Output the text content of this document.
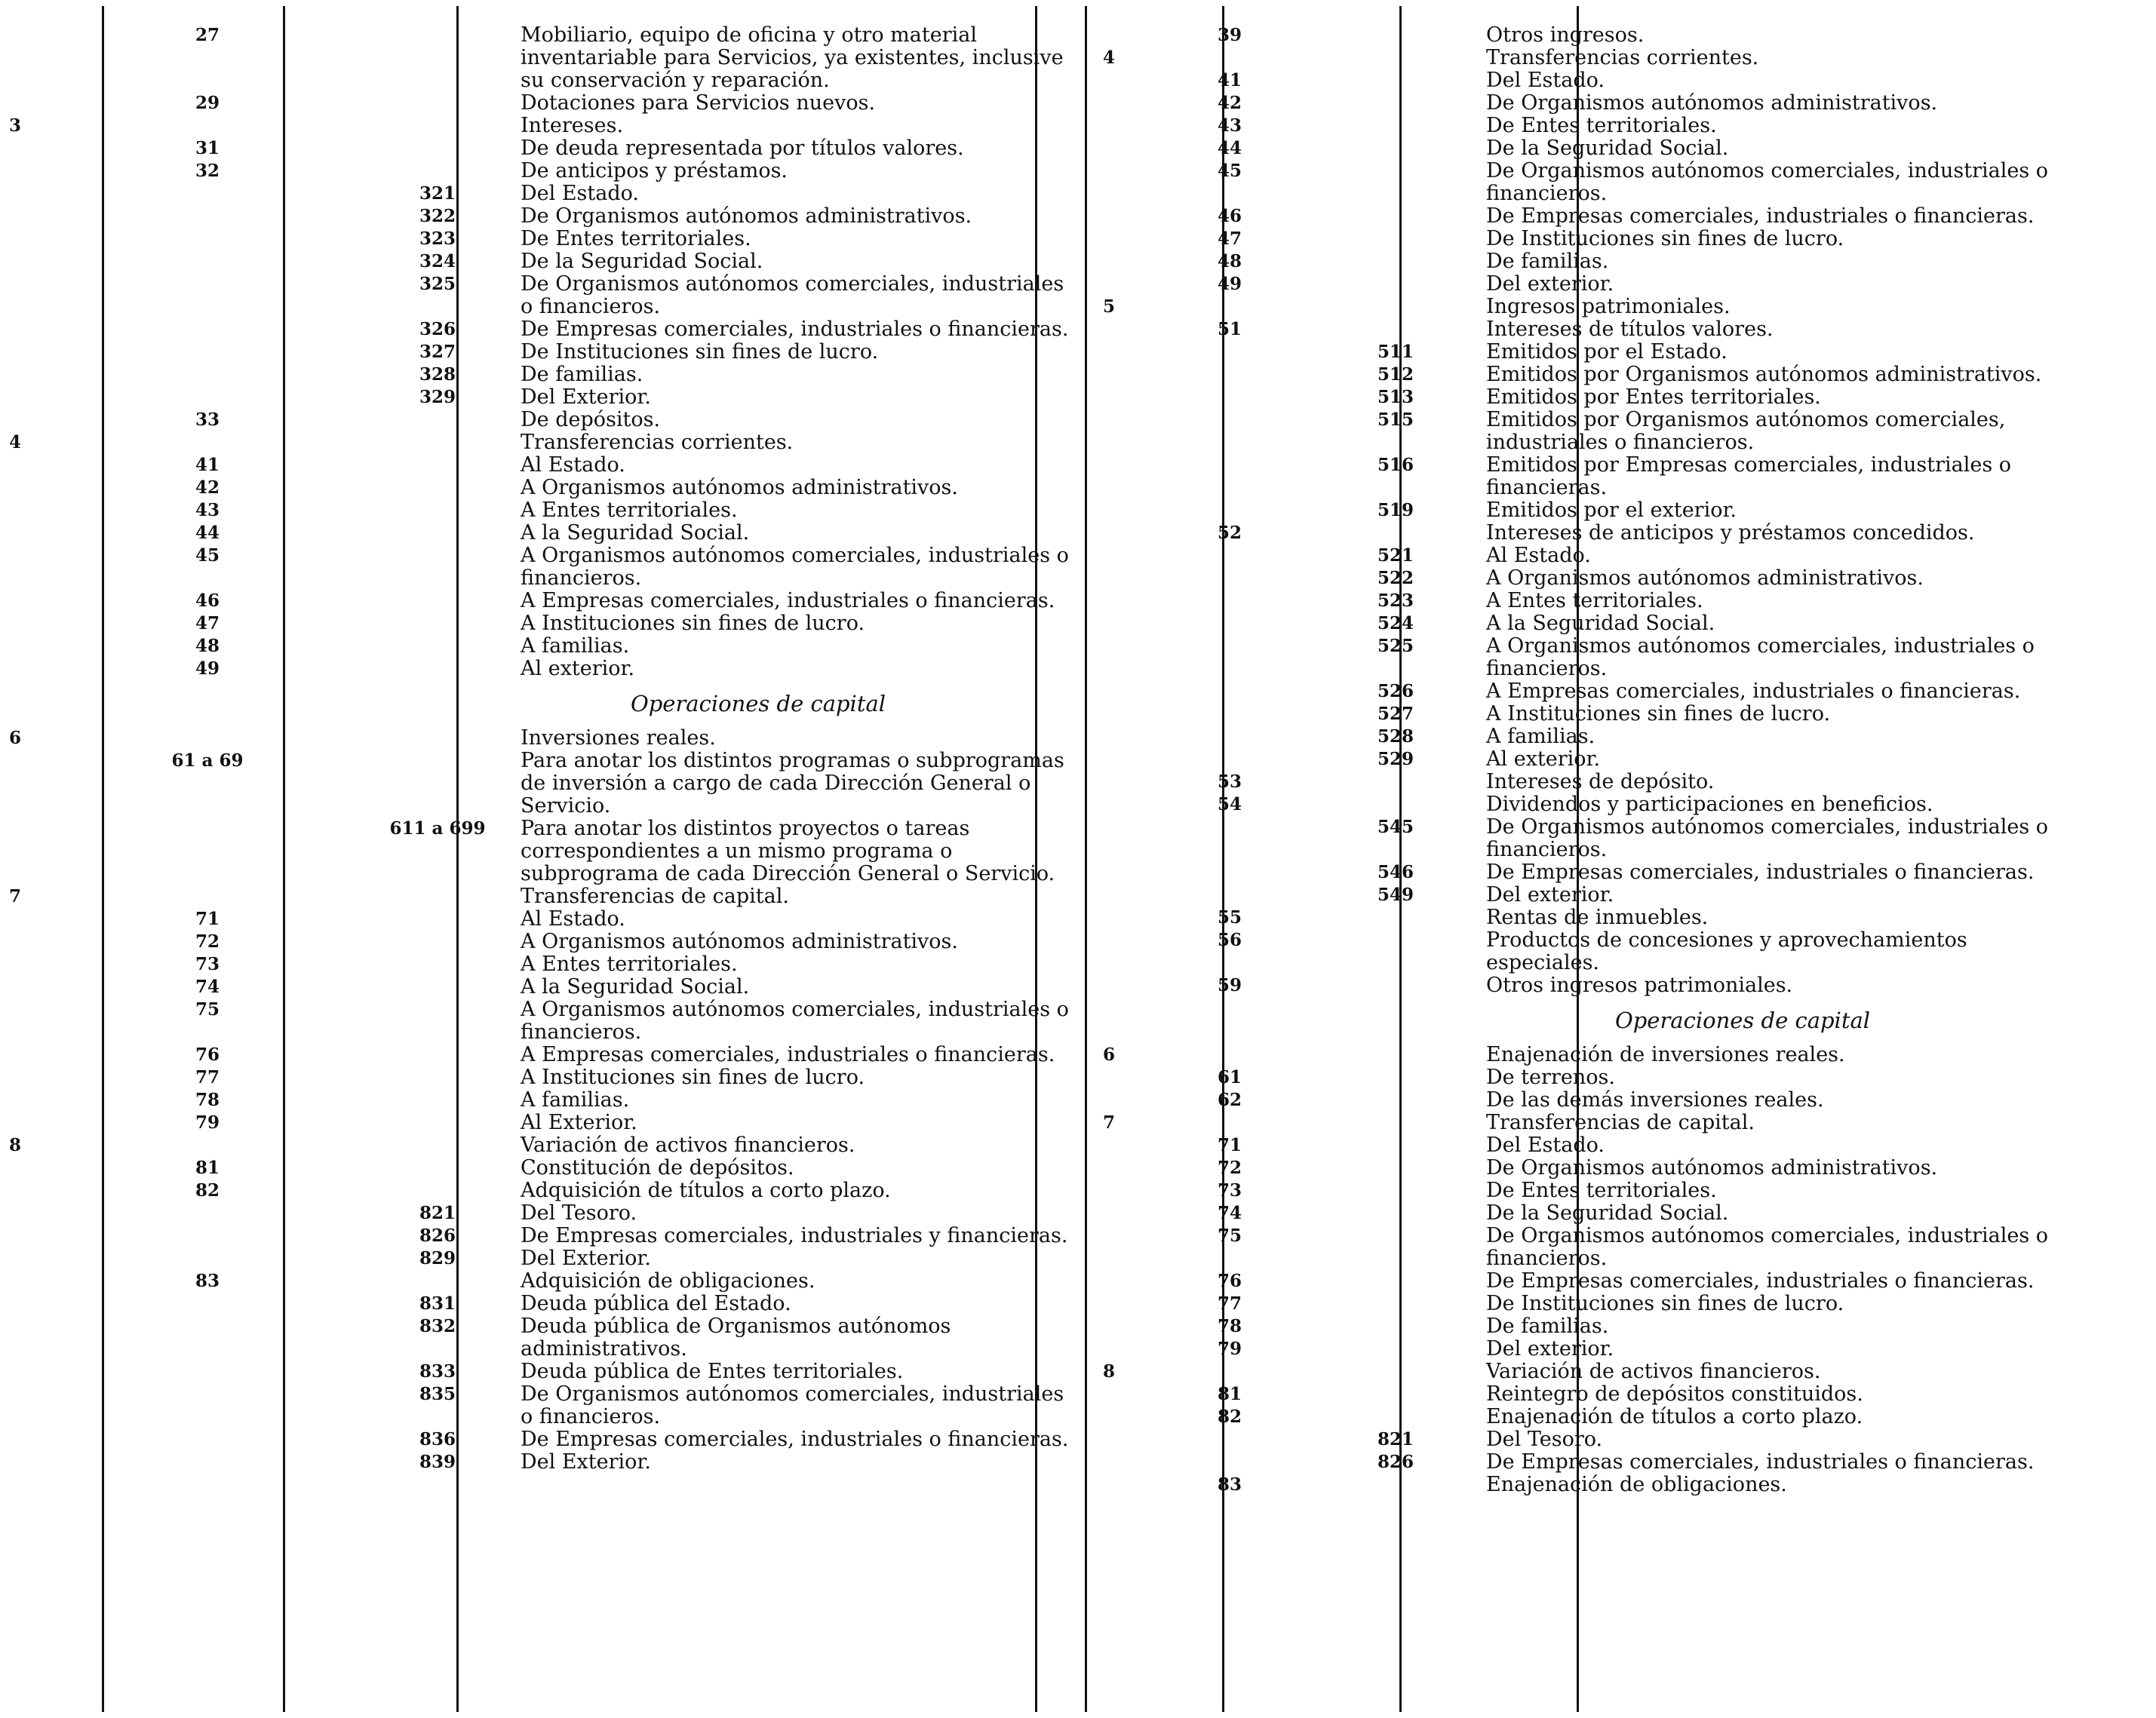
27	Mobiliario, equipo de oficina y otro material inventariable para Servicios, ya existentes, inclusive su conservación y reparación.
29	Dotaciones para Servicios nuevos.
3	Intereses.
31	De deuda representada por títulos valores.
32	De anticipos y préstamos.
321	Del Estado.
322	De Organismos autónomos administrativos.
323	De Entes territoriales.
324	De la Seguridad Social.
325	De Organismos autónomos comerciales, industriales o financieros.
326	De Empresas comerciales, industriales o financieras.
327	De Instituciones sin fines de lucro.
328	De familias.
329	Del Exterior.
33	De depósitos.
4	Transferencias corrientes.
41	Al Estado.
42	A Organismos autónomos administrativos.
43	A Entes territoriales.
44	A la Seguridad Social.
45	A Organismos autónomos comerciales, industriales o financieros.
46	A Empresas comerciales, industriales o financieras.
47	A Instituciones sin fines de lucro.
48	A familias.
49	Al exterior.
Operaciones de capital
6	Inversiones reales.
61 a 69	Para anotar los distintos programas o subprogramas de inversión a cargo de cada Dirección General o Servicio.
611 a 699	Para anotar los distintos proyectos o tareas correspondientes a un mismo programa o subprograma de cada Dirección General o Servicio.
7	Transferencias de capital.
71	Al Estado.
72	A Organismos autónomos administrativos.
73	A Entes territoriales.
74	A la Seguridad Social.
75	A Organismos autónomos comerciales, industriales o financieros.
76	A Empresas comerciales, industriales o financieras.
77	A Instituciones sin fines de lucro.
78	A familias.
79	Al Exterior.
8	Variación de activos financieros.
81	Constitución de depósitos.
82	Adquisición de títulos a corto plazo.
821	Del Tesoro.
826	De Empresas comerciales, industriales y financieras.
829	Del Exterior.
83	Adquisición de obligaciones.
831	Deuda pública del Estado.
832	Deuda pública de Organismos autónomos administrativos.
833	Deuda pública de Entes territoriales.
835	De Organismos autónomos comerciales, industriales o financieros.
836	De Empresas comerciales, industriales o financieras.
839	Del Exterior.
39	Otros ingresos.
4	Transferencias corrientes.
41	Del Estado.
42	De Organismos autónomos administrativos.
43	De Entes territoriales.
44	De la Seguridad Social.
45	De Organismos autónomos comerciales, industriales o financieros.
46	De Empresas comerciales, industriales o financieras.
47	De Instituciones sin fines de lucro.
48	De familias.
49	Del exterior.
5	Ingresos patrimoniales.
51	Intereses de títulos valores.
511	Emitidos por el Estado.
512	Emitidos por Organismos autónomos administrativos.
513	Emitidos por Entes territoriales.
515	Emitidos por Organismos autónomos comerciales, industriales o financieros.
516	Emitidos por Empresas comerciales, industriales o financieras.
519	Emitidos por el exterior.
52	Intereses de anticipos y préstamos concedidos.
521	Al Estado.
522	A Organismos autónomos administrativos.
523	A Entes territoriales.
524	A la Seguridad Social.
525	A Organismos autónomos comerciales, industriales o financieros.
526	A Empresas comerciales, industriales o financieras.
527	A Instituciones sin fines de lucro.
528	A familias.
529	Al exterior.
53	Intereses de depósito.
54	Dividendos y participaciones en beneficios.
545	De Organismos autónomos comerciales, industriales o financieros.
546	De Empresas comerciales, industriales o financieras.
549	Del exterior.
55	Rentas de inmuebles.
56	Productos de concesiones y aprovechamientos especiales.
59	Otros ingresos patrimoniales.
Operaciones de capital
6	Enajenación de inversiones reales.
61	De terrenos.
62	De las demás inversiones reales.
7	Transferencias de capital.
71	Del Estado.
72	De Organismos autónomos administrativos.
73	De Entes territoriales.
74	De la Seguridad Social.
75	De Organismos autónomos comerciales, industriales o financieros.
76	De Empresas comerciales, industriales o financieras.
77	De Instituciones sin fines de lucro.
78	De familias.
79	Del exterior.
8	Variación de activos financieros.
81	Reintegro de depósitos constituidos.
82	Enajenación de títulos a corto plazo.
821	Del Tesoro.
826	De Empresas comerciales, industriales o financieras.
83	Enajenación de obligaciones.
